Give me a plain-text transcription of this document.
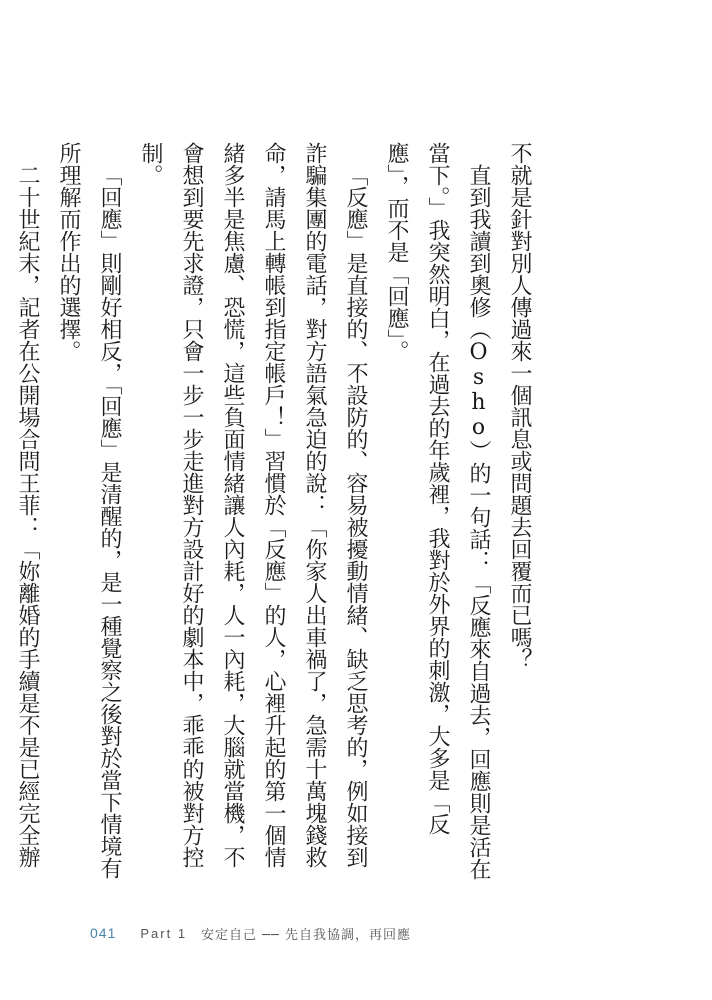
不就是針對別人傳過來一個訊息或問題去回覆而已嗎？

直到我讀到奧修（Osho）的一句話：「反應來自過去，回應則是活在當下。」我突然明白，在過去的年歲裡，我對於外界的刺激，大多是「反應」，而不是「回應」。

「反應」是直接的、不設防的、容易被擾動情緒、缺乏思考的，例如接到詐騙集團的電話，對方語氣急迫的說：「你家人出車禍了，急需十萬塊錢救命，請馬上轉帳到指定帳戶！」習慣於「反應」的人，心裡升起的第一個情緒多半是焦慮、恐慌，這些負面情緒讓人內耗，人一內耗，大腦就當機，不會想到要先求證，只會一步一步走進對方設計好的劇本中，乖乖的被對方控制。

「回應」則剛好相反，「回應」是清醒的，是一種覺察之後對於當下情境有所理解而作出的選擇。

二十世紀末，記者在公開場合問王菲：「妳離婚的手續是不是已經完全辦

041 Part 1 安定自己 ── 先自我協調，再回應
